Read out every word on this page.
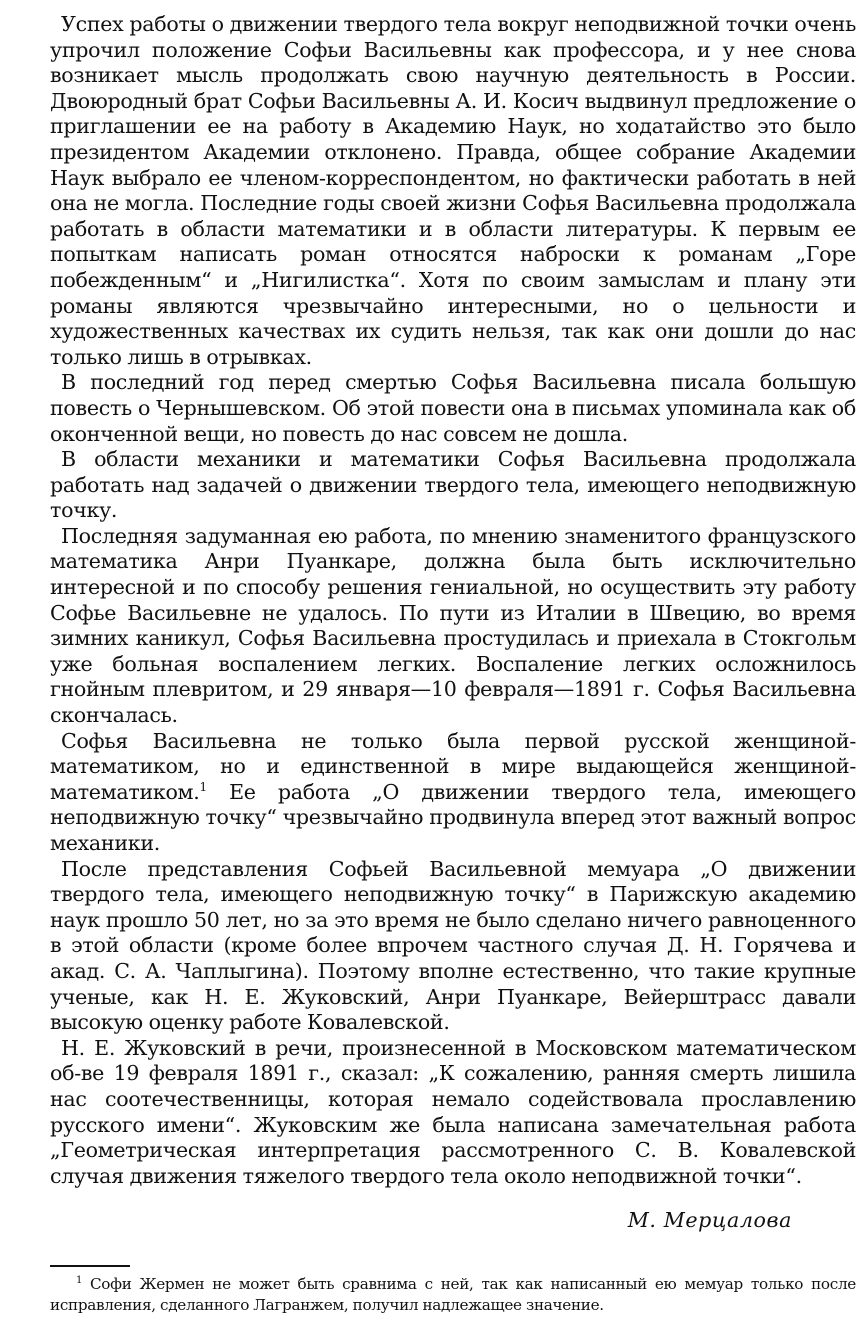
Успех работы о движении твердого тела вокруг неподвижной точки очень упрочил положение Софьи Васильевны как профессора, и у нее снова возникает мысль продолжать свою научную деятельность в России. Двоюродный брат Софьи Васильевны А. И. Косич выдвинул предложение о приглашении ее на работу в Академию Наук, но ходатайство это было президентом Академии отклонено. Правда, общее собрание Академии Наук выбрало ее членом-корреспондентом, но фактически работать в ней она не могла. Последние годы своей жизни Софья Васильевна продолжала работать в области математики и в области литературы. К первым ее попыткам написать роман относятся наброски к романам „Горе побежденным“ и „Нигилистка“. Хотя по своим замыслам и плану эти романы являются чрезвычайно интересными, но о цельности и художественных качествах их судить нельзя, так как они дошли до нас только лишь в отрывках.

В последний год перед смертью Софья Васильевна писала большую повесть о Чернышевском. Об этой повести она в письмах упоминала как об оконченной вещи, но повесть до нас совсем не дошла.

В области механики и математики Софья Васильевна продолжала работать над задачей о движении твердого тела, имеющего неподвижную точку.

Последняя задуманная ею работа, по мнению знаменитого французского математика Анри Пуанкаре, должна была быть исключительно интересной и по способу решения гениальной, но осуществить эту работу Софье Васильевне не удалось. По пути из Италии в Швецию, во время зимних каникул, Софья Васильевна простудилась и приехала в Стокгольм уже больная воспалением легких. Воспаление легких осложнилось гнойным плевритом, и 29 января—10 февраля—1891 г. Софья Васильевна скончалась.

Софья Васильевна не только была первой русской женщиной-математиком, но и единственной в мире выдающейся женщиной-математиком.$^1$ Ее работа „О движении твердого тела, имеющего неподвижную точку“ чрезвычайно продвинула вперед этот важный вопрос механики.

После представления Софьей Васильевной мемуара „О движении твердого тела, имеющего неподвижную точку“ в Парижскую академию наук прошло 50 лет, но за это время не было сделано ничего равноценного в этой области (кроме более впрочем частного случая Д. Н. Горячева и акад. С. А. Чаплыгина). Поэтому вполне естественно, что такие крупные ученые, как Н. Е. Жуковский, Анри Пуанкаре, Вейерштрасс давали высокую оценку работе Ковалевской.

Н. Е. Жуковский в речи, произнесенной в Московском математическом об-ве 19 февраля 1891 г., сказал: „К сожалению, ранняя смерть лишила нас соотечественницы, которая немало содействовала прославлению русского имени“. Жуковским же была написана замечательная работа „Геометрическая интерпретация рассмотренного С. В. Ковалевской случая движения тяжелого твердого тела около неподвижной точки“.

М. Мерцалова

$^1$ Софи Жермен не может быть сравнима с ней, так как написанный ею мемуар только после исправления, сделанного Лагранжем, получил надлежащее значение.
